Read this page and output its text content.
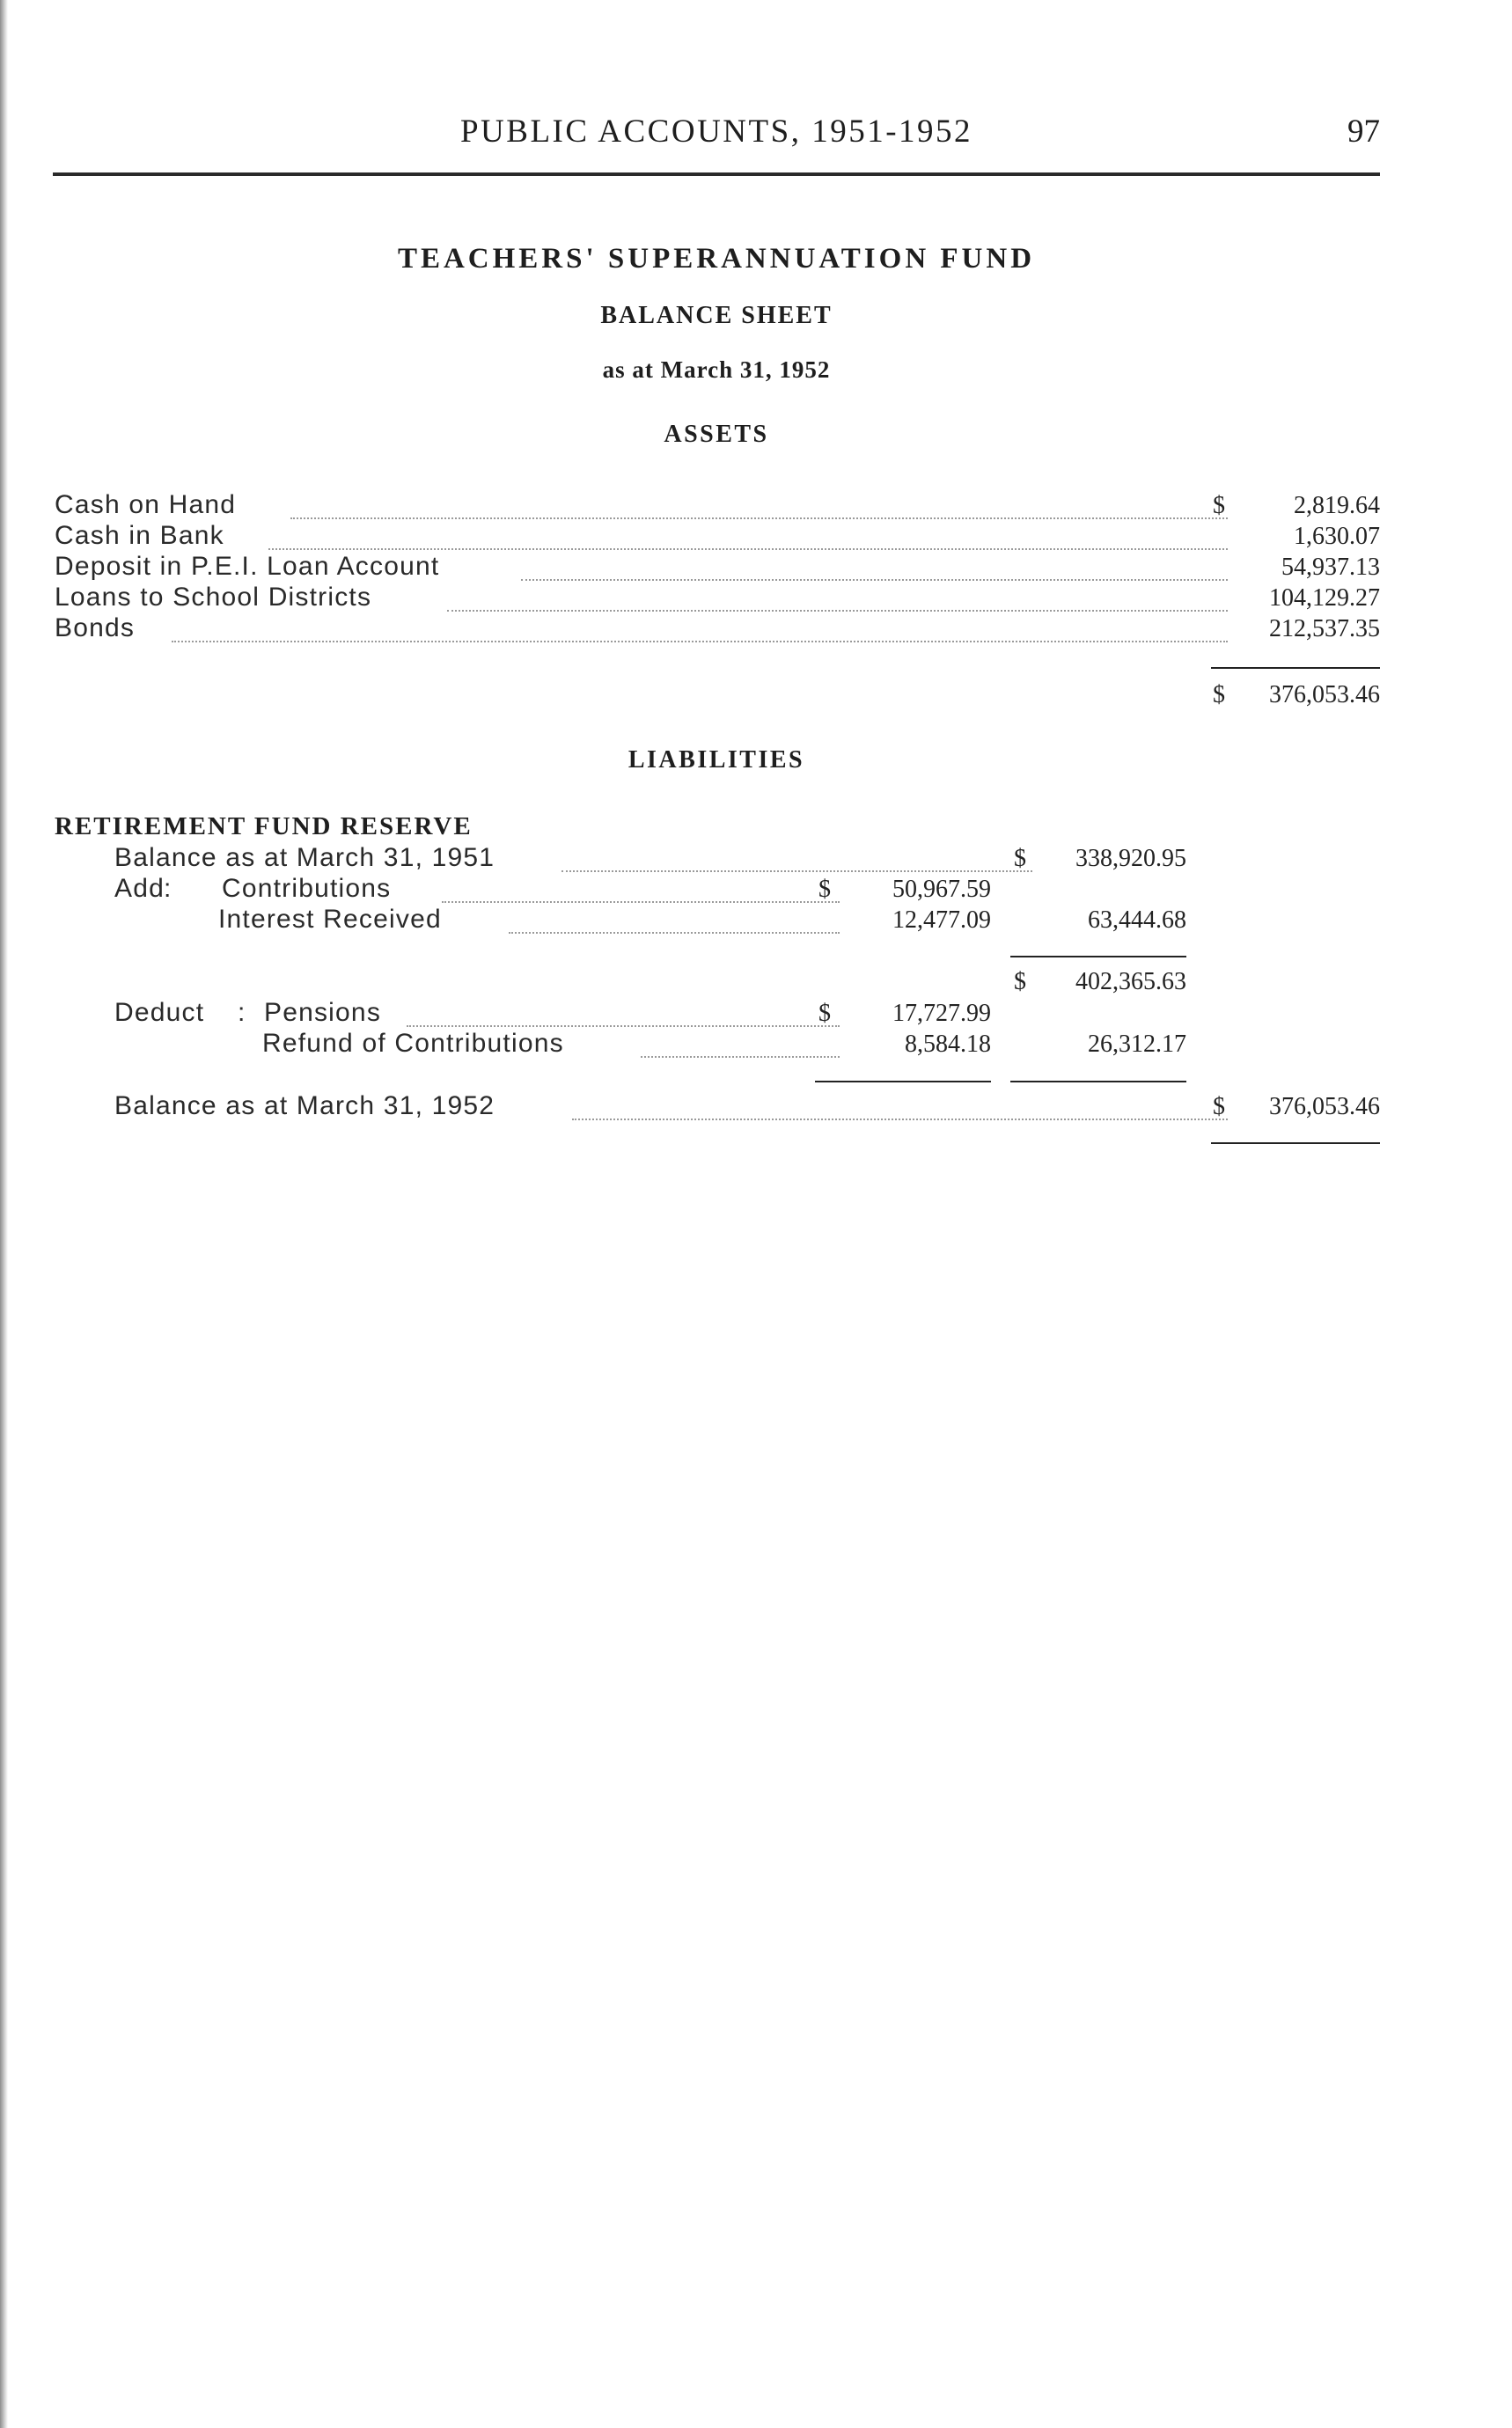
PUBLIC ACCOUNTS, 1951-1952	97
TEACHERS' SUPERANNUATION FUND
BALANCE SHEET
as at March 31, 1952
ASSETS
Cash on Hand	$	2,819.64
Cash in Bank	1,630.07
Deposit in P.E.I. Loan Account	54,937.13
Loans to School Districts	104,129.27
Bonds	212,537.35
$ 376,053.46
LIABILITIES
RETIREMENT FUND RESERVE
Balance as at March 31, 1951	$ 338,920.95
Add : Contributions	$	50,967.59
Interest Received	12,477.09	63,444.68
$ 402,365.63
Deduct : Pensions	$	17,727.99
Refund of Contributions	8,584.18	26,312.17
Balance as at March 31, 1952	$ 376,053.46
